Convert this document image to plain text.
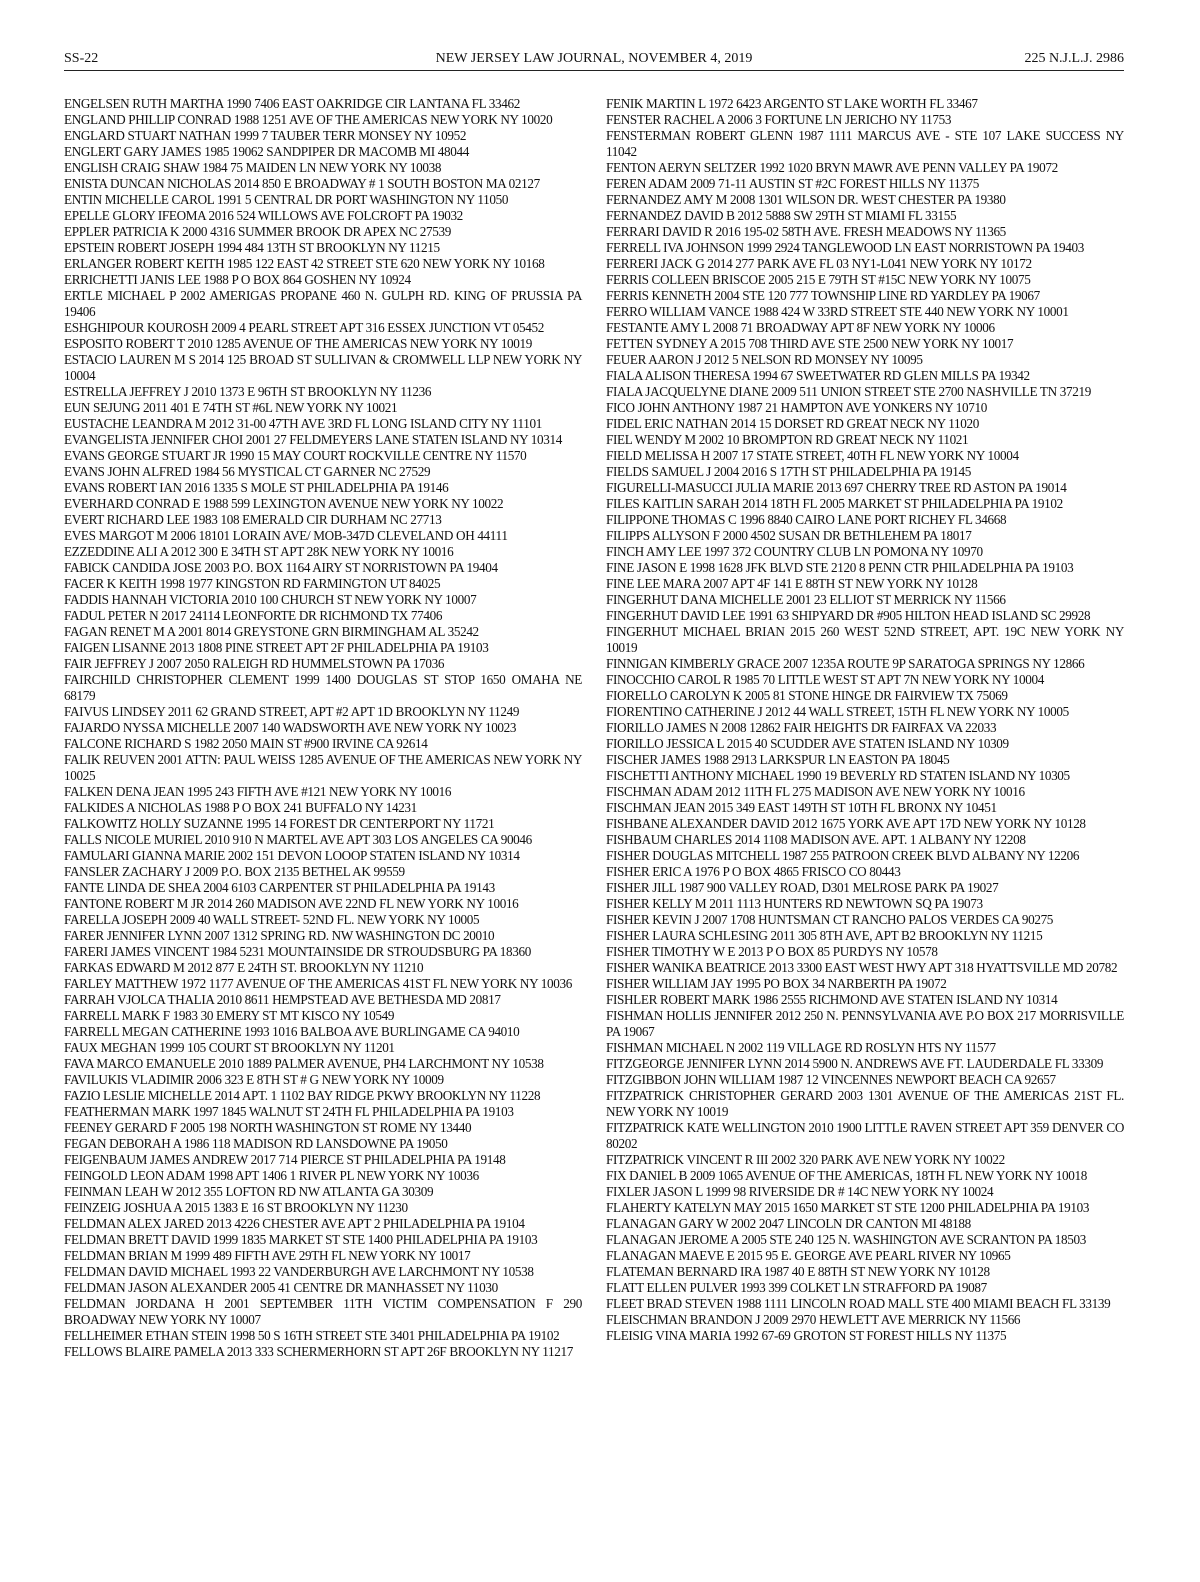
NEW JERSEY LAW JOURNAL, NOVEMBER 4, 2019
SS-22	225 N.J.L.J. 2986

ENGELSEN RUTH MARTHA 1990 7406 EAST OAKRIDGE CIR LANTANA FL 33462

ENGLAND PHILLIP CONRAD 1988 1251 AVE OF THE AMERICAS NEW YORK NY 10020

ENGLARD STUART NATHAN 1999 7 TAUBER TERR MONSEY NY 10952

ENGLERT GARY JAMES 1985 19062 SANDPIPER DR MACOMB MI 48044

ENGLISH CRAIG SHAW 1984 75 MAIDEN LN NEW YORK NY 10038

ENISTA DUNCAN NICHOLAS 2014 850 E BROADWAY # 1 SOUTH BOSTON MA 02127

ENTIN MICHELLE CAROL 1991 5 CENTRAL DR PORT WASHINGTON NY 11050

EPELLE GLORY IFEOMA 2016 524 WILLOWS AVE FOLCROFT PA 19032

EPPLER PATRICIA K 2000 4316 SUMMER BROOK DR APEX NC 27539

EPSTEIN ROBERT JOSEPH 1994 484 13TH ST BROOKLYN NY 11215

ERLANGER ROBERT KEITH 1985 122 EAST 42 STREET STE 620 NEW YORK NY 10168

ERRICHETTI JANIS LEE 1988 P O BOX 864 GOSHEN NY 10924

ERTLE MICHAEL P 2002 AMERIGAS PROPANE 460 N. GULPH RD. KING OF PRUSSIA PA 19406

ESHGHIPOUR KOUROSH 2009 4 PEARL STREET APT 316 ESSEX JUNCTION VT 05452

ESPOSITO ROBERT T 2010 1285 AVENUE OF THE AMERICAS NEW YORK NY 10019

ESTACIO LAUREN M S 2014 125 BROAD ST SULLIVAN & CROMWELL LLP NEW YORK NY 10004

ESTRELLA JEFFREY J 2010 1373 E 96TH ST BROOKLYN NY 11236

EUN SEJUNG 2011 401 E 74TH ST #6L NEW YORK NY 10021

EUSTACHE LEANDRA M 2012 31-00 47TH AVE 3RD FL LONG ISLAND CITY NY 11101

EVANGELISTA JENNIFER CHOI 2001 27 FELDMEYERS LANE STATEN ISLAND NY 10314

EVANS GEORGE STUART JR 1990 15 MAY COURT ROCKVILLE CENTRE NY 11570

EVANS JOHN ALFRED 1984 56 MYSTICAL CT GARNER NC 27529

EVANS ROBERT IAN 2016 1335 S MOLE ST PHILADELPHIA PA 19146

EVERHARD CONRAD E 1988 599 LEXINGTON AVENUE NEW YORK NY 10022

EVERT RICHARD LEE 1983 108 EMERALD CIR DURHAM NC 27713

EVES MARGOT M 2006 18101 LORAIN AVE/ MOB-347D CLEVELAND OH 44111

EZZEDDINE ALI A 2012 300 E 34TH ST APT 28K NEW YORK NY 10016

FABICK CANDIDA JOSE 2003 P.O. BOX 1164 AIRY ST NORRISTOWN PA 19404

FACER K KEITH 1998 1977 KINGSTON RD FARMINGTON UT 84025

FADDIS HANNAH VICTORIA 2010 100 CHURCH ST NEW YORK NY 10007

FADUL PETER N 2017 24114 LEONFORTE DR RICHMOND TX 77406

FAGAN RENET M A 2001 8014 GREYSTONE GRN BIRMINGHAM AL 35242

FAIGEN LISANNE 2013 1808 PINE STREET APT 2F PHILADELPHIA PA 19103

FAIR JEFFREY J 2007 2050 RALEIGH RD HUMMELSTOWN PA 17036

FAIRCHILD CHRISTOPHER CLEMENT 1999 1400 DOUGLAS ST STOP 1650 OMAHA NE 68179

FAIVUS LINDSEY 2011 62 GRAND STREET, APT #2 APT 1D BROOKLYN NY 11249

FAJARDO NYSSA MICHELLE 2007 140 WADSWORTH AVE NEW YORK NY 10023

FALCONE RICHARD S 1982 2050 MAIN ST #900 IRVINE CA 92614

FALIK REUVEN 2001 ATTN: PAUL WEISS 1285 AVENUE OF THE AMERICAS NEW YORK NY 10025

FALKEN DENA JEAN 1995 243 FIFTH AVE #121 NEW YORK NY 10016

FALKIDES A NICHOLAS 1988 P O BOX 241 BUFFALO NY 14231

FALKOWITZ HOLLY SUZANNE 1995 14 FOREST DR CENTERPORT NY 11721

FALLS NICOLE MURIEL 2010 910 N MARTEL AVE APT 303 LOS ANGELES CA 90046

FAMULARI GIANNA MARIE 2002 151 DEVON LOOOP STATEN ISLAND NY 10314

FANSLER ZACHARY J 2009 P.O. BOX 2135 BETHEL AK 99559

FANTE LINDA DE SHEA 2004 6103 CARPENTER ST PHILADELPHIA PA 19143

FANTONE ROBERT M JR 2014 260 MADISON AVE 22ND FL NEW YORK NY 10016

FARELLA JOSEPH 2009 40 WALL STREET- 52ND FL. NEW YORK NY 10005

FARER JENNIFER LYNN 2007 1312 SPRING RD. NW WASHINGTON DC 20010

FARERI JAMES VINCENT 1984 5231 MOUNTAINSIDE DR STROUDSBURG PA 18360

FARKAS EDWARD M 2012 877 E 24TH ST. BROOKLYN NY 11210

FARLEY MATTHEW 1972 1177 AVENUE OF THE AMERICAS 41ST FL NEW YORK NY 10036

FARRAH VJOLCA THALIA 2010 8611 HEMPSTEAD AVE BETHESDA MD 20817

FARRELL MARK F 1983 30 EMERY ST MT KISCO NY 10549

FARRELL MEGAN CATHERINE 1993 1016 BALBOA AVE BURLINGAME CA 94010

FAUX MEGHAN 1999 105 COURT ST BROOKLYN NY 11201

FAVA MARCO EMANUELE 2010 1889 PALMER AVENUE, PH4 LARCHMONT NY 10538

FAVILUKIS VLADIMIR 2006 323 E 8TH ST # G NEW YORK NY 10009

FAZIO LESLIE MICHELLE 2014 APT. 1 1102 BAY RIDGE PKWY BROOKLYN NY 11228

FEATHERMAN MARK 1997 1845 WALNUT ST 24TH FL PHILADELPHIA PA 19103

FEENEY GERARD F 2005 198 NORTH WASHINGTON ST ROME NY 13440

FEGAN DEBORAH A 1986 118 MADISON RD LANSDOWNE PA 19050

FEIGENBAUM JAMES ANDREW 2017 714 PIERCE ST PHILADELPHIA PA 19148

FEINGOLD LEON ADAM 1998 APT 1406 1 RIVER PL NEW YORK NY 10036

FEINMAN LEAH W 2012 355 LOFTON RD NW ATLANTA GA 30309

FEINZEIG JOSHUA A 2015 1383 E 16 ST BROOKLYN NY 11230

FELDMAN ALEX JARED 2013 4226 CHESTER AVE APT 2 PHILADELPHIA PA 19104

FELDMAN BRETT DAVID 1999 1835 MARKET ST STE 1400 PHILADELPHIA PA 19103

FELDMAN BRIAN M 1999 489 FIFTH AVE 29TH FL NEW YORK NY 10017

FELDMAN DAVID MICHAEL 1993 22 VANDERBURGH AVE LARCHMONT NY 10538

FELDMAN JASON ALEXANDER 2005 41 CENTRE DR MANHASSET NY 11030

FELDMAN JORDANA H 2001 SEPTEMBER 11TH VICTIM COMPENSATION F 290 BROADWAY NEW YORK NY 10007

FELLHEIMER ETHAN STEIN 1998 50 S 16TH STREET STE 3401 PHILADELPHIA PA 19102

FELLOWS BLAIRE PAMELA 2013 333 SCHERMERHORN ST APT 26F BROOKLYN NY 11217

FENIK MARTIN L 1972 6423 ARGENTO ST LAKE WORTH FL 33467

FENSTER RACHEL A 2006 3 FORTUNE LN JERICHO NY 11753

FENSTERMAN ROBERT GLENN 1987 1111 MARCUS AVE - STE 107 LAKE SUCCESS NY 11042

FENTON AERYN SELTZER 1992 1020 BRYN MAWR AVE PENN VALLEY PA 19072

FEREN ADAM 2009 71-11 AUSTIN ST #2C FOREST HILLS NY 11375

FERNANDEZ AMY M 2008 1301 WILSON DR. WEST CHESTER PA 19380

FERNANDEZ DAVID B 2012 5888 SW 29TH ST MIAMI FL 33155

FERRARI DAVID R 2016 195-02 58TH AVE. FRESH MEADOWS NY 11365

FERRELL IVA JOHNSON 1999 2924 TANGLEWOOD LN EAST NORRISTOWN PA 19403

FERRERI JACK G 2014 277 PARK AVE FL 03 NY1-L041 NEW YORK NY 10172

FERRIS COLLEEN BRISCOE 2005 215 E 79TH ST #15C NEW YORK NY 10075

FERRIS KENNETH 2004 STE 120 777 TOWNSHIP LINE RD YARDLEY PA 19067

FERRO WILLIAM VANCE 1988 424 W 33RD STREET STE 440 NEW YORK NY 10001

FESTANTE AMY L 2008 71 BROADWAY APT 8F NEW YORK NY 10006

FETTEN SYDNEY A 2015 708 THIRD AVE STE 2500 NEW YORK NY 10017

FEUER AARON J 2012 5 NELSON RD MONSEY NY 10095

FIALA ALISON THERESA 1994 67 SWEETWATER RD GLEN MILLS PA 19342

FIALA JACQUELYNE DIANE 2009 511 UNION STREET STE 2700 NASHVILLE TN 37219

FICO JOHN ANTHONY 1987 21 HAMPTON AVE YONKERS NY 10710

FIDEL ERIC NATHAN 2014 15 DORSET RD GREAT NECK NY 11020

FIEL WENDY M 2002 10 BROMPTON RD GREAT NECK NY 11021

FIELD MELISSA H 2007 17 STATE STREET, 40TH FL NEW YORK NY 10004

FIELDS SAMUEL J 2004 2016 S 17TH ST PHILADELPHIA PA 19145

FIGURELLI-MASUCCI JULIA MARIE 2013 697 CHERRY TREE RD ASTON PA 19014

FILES KAITLIN SARAH 2014 18TH FL 2005 MARKET ST PHILADELPHIA PA 19102

FILIPPONE THOMAS C 1996 8840 CAIRO LANE PORT RICHEY FL 34668

FILIPPS ALLYSON F 2000 4502 SUSAN DR BETHLEHEM PA 18017

FINCH AMY LEE 1997 372 COUNTRY CLUB LN POMONA NY 10970

FINE JASON E 1998 1628 JFK BLVD STE 2120 8 PENN CTR PHILADELPHIA PA 19103

FINE LEE MARA 2007 APT 4F 141 E 88TH ST NEW YORK NY 10128

FINGERHUT DANA MICHELLE 2001 23 ELLIOT ST MERRICK NY 11566

FINGERHUT DAVID LEE 1991 63 SHIPYARD DR #905 HILTON HEAD ISLAND SC 29928

FINGERHUT MICHAEL BRIAN 2015 260 WEST 52ND STREET, APT. 19C NEW YORK NY 10019

FINNIGAN KIMBERLY GRACE 2007 1235A ROUTE 9P SARATOGA SPRINGS NY 12866

FINOCCHIO CAROL R 1985 70 LITTLE WEST ST APT 7N NEW YORK NY 10004

FIORELLO CAROLYN K 2005 81 STONE HINGE DR FAIRVIEW TX 75069

FIORENTINO CATHERINE J 2012 44 WALL STREET, 15TH FL NEW YORK NY 10005

FIORILLO JAMES N 2008 12862 FAIR HEIGHTS DR FAIRFAX VA 22033

FIORILLO JESSICA L 2015 40 SCUDDER AVE STATEN ISLAND NY 10309

FISCHER JAMES 1988 2913 LARKSPUR LN EASTON PA 18045

FISCHETTI ANTHONY MICHAEL 1990 19 BEVERLY RD STATEN ISLAND NY 10305

FISCHMAN ADAM 2012 11TH FL 275 MADISON AVE NEW YORK NY 10016

FISCHMAN JEAN 2015 349 EAST 149TH ST 10TH FL BRONX NY 10451

FISHBANE ALEXANDER DAVID 2012 1675 YORK AVE APT 17D NEW YORK NY 10128

FISHBAUM CHARLES 2014 1108 MADISON AVE. APT. 1 ALBANY NY 12208

FISHER DOUGLAS MITCHELL 1987 255 PATROON CREEK BLVD ALBANY NY 12206

FISHER ERIC A 1976 P O BOX 4865 FRISCO CO 80443

FISHER JILL 1987 900 VALLEY ROAD, D301 MELROSE PARK PA 19027

FISHER KELLY M 2011 1113 HUNTERS RD NEWTOWN SQ PA 19073

FISHER KEVIN J 2007 1708 HUNTSMAN CT RANCHO PALOS VERDES CA 90275

FISHER LAURA SCHLESING 2011 305 8TH AVE, APT B2 BROOKLYN NY 11215

FISHER TIMOTHY W E 2013 P O BOX 85 PURDYS NY 10578

FISHER WANIKA BEATRICE 2013 3300 EAST WEST HWY APT 318 HYATTSVILLE MD 20782

FISHER WILLIAM JAY 1995 PO BOX 34 NARBERTH PA 19072

FISHLER ROBERT MARK 1986 2555 RICHMOND AVE STATEN ISLAND NY 10314

FISHMAN HOLLIS JENNIFER 2012 250 N. PENNSYLVANIA AVE P.O BOX 217 MORRISVILLE PA 19067

FISHMAN MICHAEL N 2002 119 VILLAGE RD ROSLYN HTS NY 11577

FITZGEORGE JENNIFER LYNN 2014 5900 N. ANDREWS AVE FT. LAUDERDALE FL 33309

FITZGIBBON JOHN WILLIAM 1987 12 VINCENNES NEWPORT BEACH CA 92657

FITZPATRICK CHRISTOPHER GERARD 2003 1301 AVENUE OF THE AMERICAS 21ST FL. NEW YORK NY 10019

FITZPATRICK KATE WELLINGTON 2010 1900 LITTLE RAVEN STREET APT 359 DENVER CO 80202

FITZPATRICK VINCENT R III 2002 320 PARK AVE NEW YORK NY 10022

FIX DANIEL B 2009 1065 AVENUE OF THE AMERICAS, 18TH FL NEW YORK NY 10018

FIXLER JASON L 1999 98 RIVERSIDE DR # 14C NEW YORK NY 10024

FLAHERTY KATELYN MAY 2015 1650 MARKET ST STE 1200 PHILADELPHIA PA 19103

FLANAGAN GARY W 2002 2047 LINCOLN DR CANTON MI 48188

FLANAGAN JEROME A 2005 STE 240 125 N. WASHINGTON AVE SCRANTON PA 18503

FLANAGAN MAEVE E 2015 95 E. GEORGE AVE PEARL RIVER NY 10965

FLATEMAN BERNARD IRA 1987 40 E 88TH ST NEW YORK NY 10128

FLATT ELLEN PULVER 1993 399 COLKET LN STRAFFORD PA 19087

FLEET BRAD STEVEN 1988 1111 LINCOLN ROAD MALL STE 400 MIAMI BEACH FL 33139

FLEISCHMAN BRANDON J 2009 2970 HEWLETT AVE MERRICK NY 11566

FLEISIG VINA MARIA 1992 67-69 GROTON ST FOREST HILLS NY 11375
